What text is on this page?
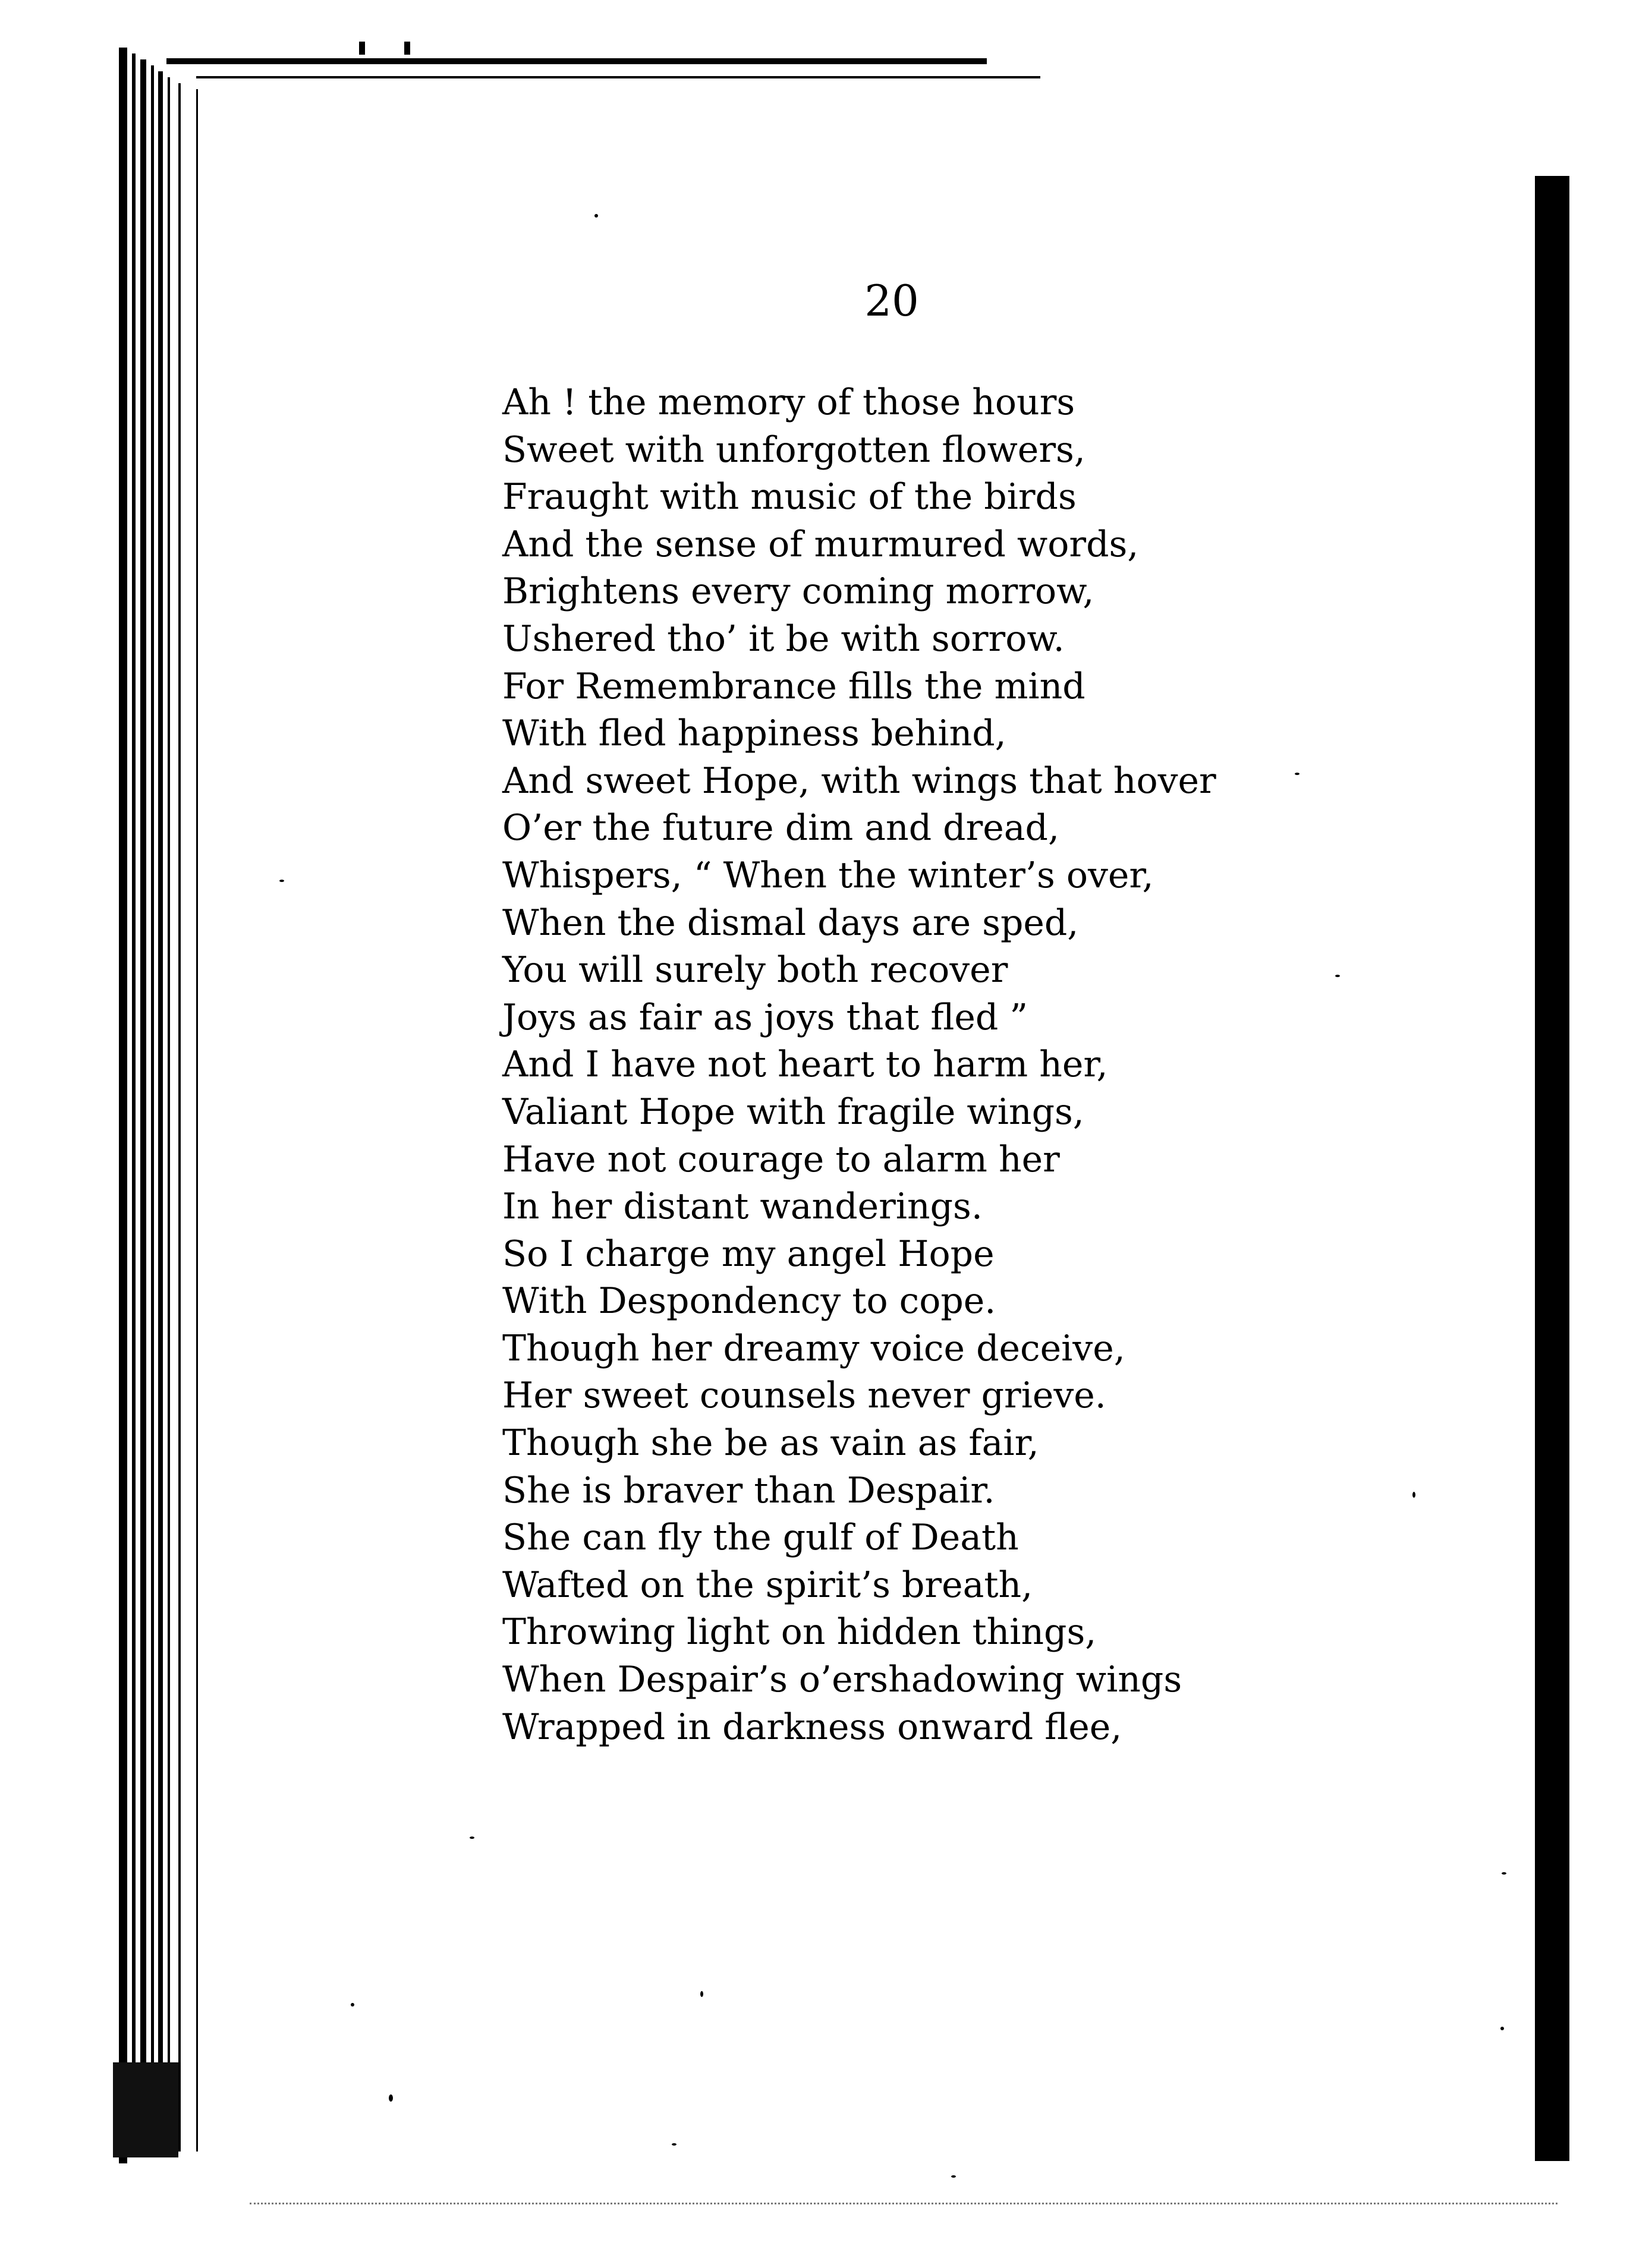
20
Ah ! the memory of those hours
Sweet with unforgotten flowers,
Fraught with music of the birds
And the sense of murmured words,
Brightens every coming morrow,
Ushered tho’ it be with sorrow.
For Remembrance fills the mind
With fled happiness behind,
And sweet Hope, with wings that hover
O’er the future dim and dread,
Whispers, “ When the winter’s over,
When the dismal days are sped,
You will surely both recover
Joys as fair as joys that fled ”
And I have not heart to harm her,
Valiant Hope with fragile wings,
Have not courage to alarm her
In her distant wanderings.
So I charge my angel Hope
With Despondency to cope.
Though her dreamy voice deceive,
Her sweet counsels never grieve.
Though she be as vain as fair,
She is braver than Despair.
She can fly the gulf of Death
Wafted on the spirit’s breath,
Throwing light on hidden things,
When Despair’s o’ershadowing wings
Wrapped in darkness onward flee,
